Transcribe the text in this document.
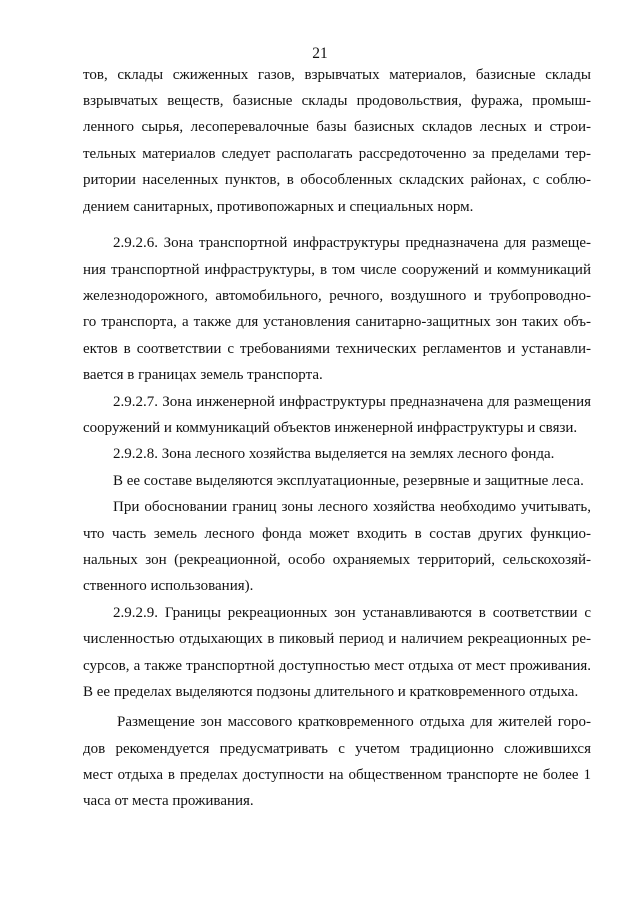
21
тов, склады сжиженных газов, взрывчатых материалов, базисные склады
взрывчатых веществ, базисные склады продовольствия, фуража, промыш-
ленного сырья, лесоперевалочные базы базисных складов лесных и строи-
тельных материалов следует располагать рассредоточенно за пределами тер-
ритории населенных пунктов, в обособленных складских районах, с соблю-
дением санитарных, противопожарных и специальных норм.
2.9.2.6. Зона транспортной инфраструктуры предназначена для размеще-
ния транспортной инфраструктуры, в том числе сооружений и коммуникаций
железнодорожного, автомобильного, речного, воздушного и трубопроводно-
го транспорта, а также для установления санитарно-защитных зон таких объ-
ектов в соответствии с требованиями технических регламентов и устанавли-
вается в границах земель транспорта.
2.9.2.7. Зона инженерной инфраструктуры предназначена для размещения
сооружений и коммуникаций объектов инженерной инфраструктуры и связи.
2.9.2.8. Зона лесного хозяйства выделяется на землях лесного фонда.
В ее составе выделяются эксплуатационные, резервные и защитные леса.
При обосновании границ зоны лесного хозяйства необходимо учитывать,
что часть земель лесного фонда может входить в состав других функцио-
нальных зон (рекреационной, особо охраняемых территорий, сельскохозяй-
ственного использования).
2.9.2.9. Границы рекреационных зон устанавливаются в соответствии с
численностью отдыхающих в пиковый период и наличием рекреационных ре-
сурсов, а также транспортной доступностью мест отдыха от мест проживания.
В ее пределах выделяются подзоны длительного и кратковременного отдыха.
Размещение зон массового кратковременного отдыха для жителей горо-
дов рекомендуется предусматривать с учетом традиционно сложившихся
мест отдыха в пределах доступности на общественном транспорте не более 1
часа от места проживания.
